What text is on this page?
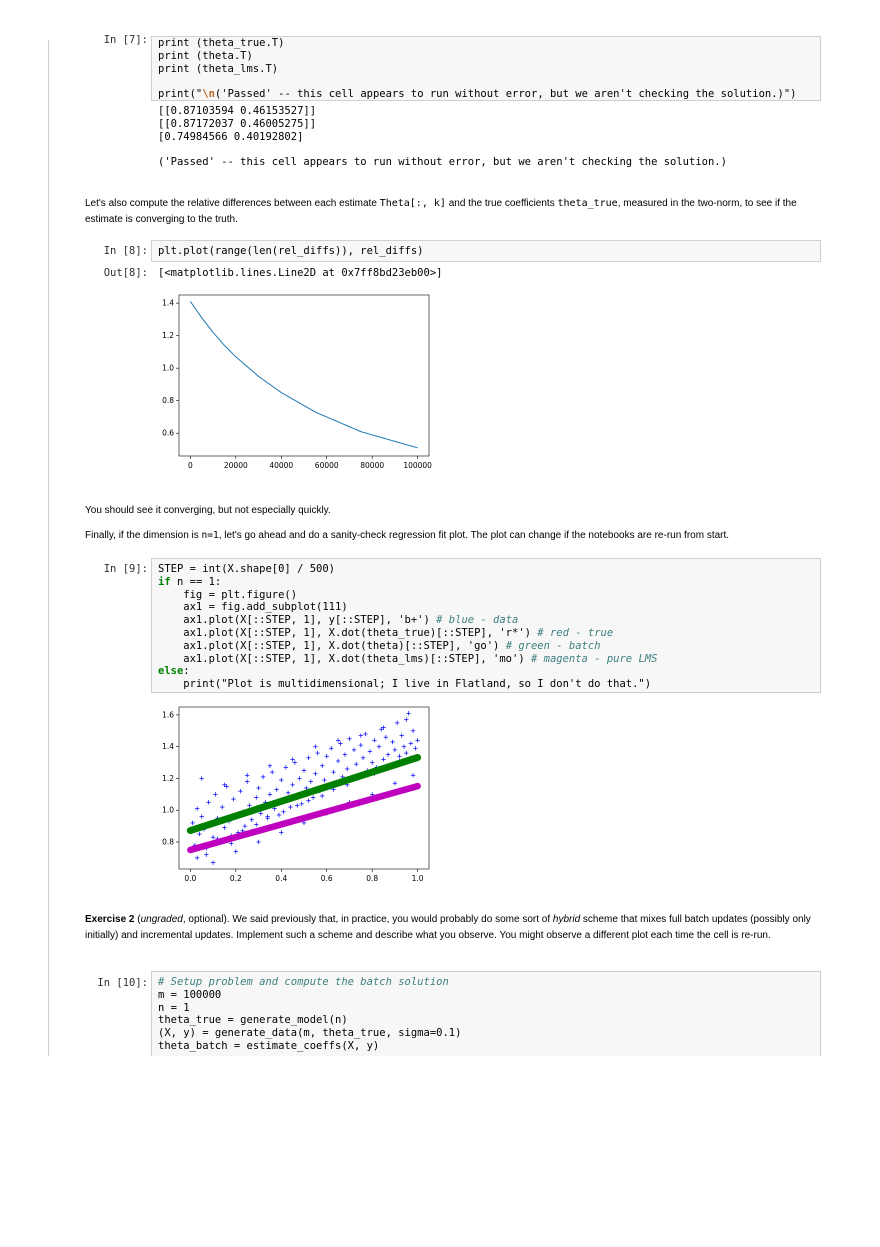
In [7]: print (theta_true.T)
print (theta.T)
print (theta_lms.T)

print("\n('Passed' -- this cell appears to run without error, but we aren't checking the solution.)")
[[0.87103594 0.46153527]]
[[0.87172037 0.46005275]]
[0.74984566 0.40192802]

('Passed' -- this cell appears to run without error, but we aren't checking the solution.)
Let's also compute the relative differences between each estimate Theta[:, k] and the true coefficients theta_true, measured in the two-norm, to see if the estimate is converging to the truth.
In [8]: plt.plot(range(len(rel_diffs)), rel_diffs)
Out[8]: [<matplotlib.lines.Line2D at 0x7ff8bd23eb00>]
0	20000	40000	60000	80000	100000
0.6
0.8
1.0
1.2
1.4
You should see it converging, but not especially quickly.
Finally, if the dimension is n=1, let's go ahead and do a sanity-check regression fit plot. The plot can change if the notebooks are re-run from start.
In [9]: STEP = int(X.shape[0] / 500)
if n == 1:
fig = plt.figure()
ax1 = fig.add_subplot(111)
ax1.plot(X[::STEP, 1], y[::STEP], 'b+') # blue - data
ax1.plot(X[::STEP, 1], X.dot(theta_true)[::STEP], 'r*') # red - true
ax1.plot(X[::STEP, 1], X.dot(theta)[::STEP], 'go') # green - batch
ax1.plot(X[::STEP, 1], X.dot(theta_lms)[::STEP], 'mo') # magenta - pure LMS
else:
print("Plot is multidimensional; I live in Flatland, so I don't do that.")
0.0	0.2	0.4	0.6	0.8	1.0
0.8
1.0
1.2
1.4
1.6
Exercise 2 (ungraded, optional). We said previously that, in practice, you would probably do some sort of hybrid scheme that mixes full batch updates (possibly only initially) and incremental updates. Implement such a scheme and describe what you observe. You might observe a different plot each time the cell is re-run.
In [10]: # Setup problem and compute the batch solution
m = 100000
n = 1
theta_true = generate_model(n)
(X, y) = generate_data(m, theta_true, sigma=0.1)
theta_batch = estimate_coeffs(X, y)
